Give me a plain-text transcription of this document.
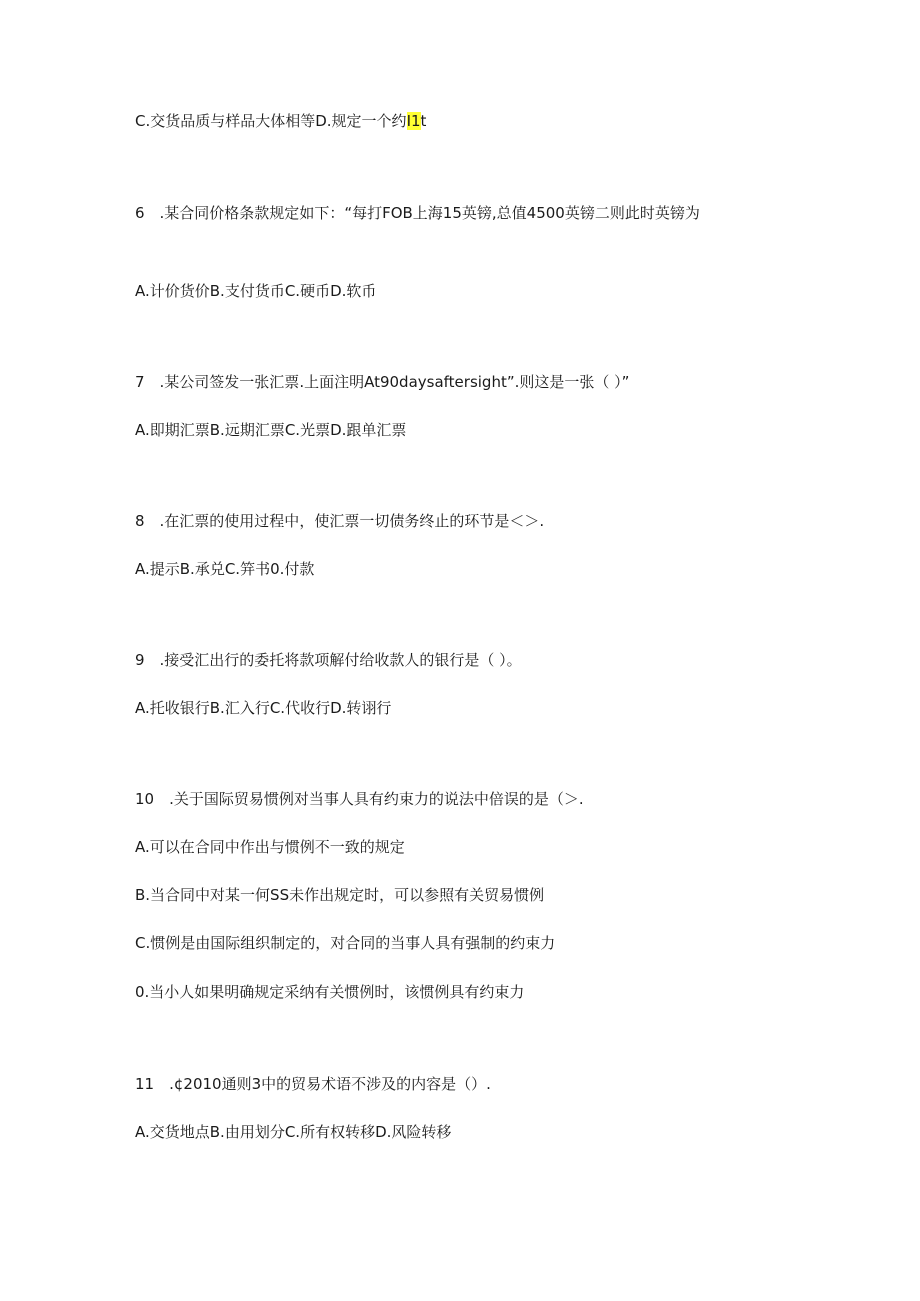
C.交货品质与样品大体相等D.规定一个约I1t
6　.某合同价格条款规定如下：“每打FOB上海15英镑,总值4500英镑二则此时英镑为
A.计价货价B.支付货币C.硬币D.软币
7　.某公司签发一张汇票.上面注明At90daysaftersight”.则这是一张（ ）”
A.即期汇票B.远期汇票C.光票D.跟单汇票
8　.在汇票的使用过程中，使汇票一切债务终止的环节是＜＞.
A.提示B.承兑C.笄书0.付款
9　.接受汇出行的委托将款项解付给收款人的银行是（ ）。
A.托收银行B.汇入行C.代收行D.转诩行
10　.关于国际贸易惯例对当事人具有约束力的说法中倍误的是（＞.
A.可以在合同中作出与惯例不一致的规定
B.当合同中对某一何SS未作出规定时，可以参照有关贸易惯例
C.惯例是由国际组织制定的，对合同的当事人具有强制的约束力
0.当小人如果明确规定采纳有关惯例时，该惯例具有约束力
11　.¢2010通则3中的贸易术语不涉及的内容是（）.
A.交货地点B.由用划分C.所有权转移D.风险转移
